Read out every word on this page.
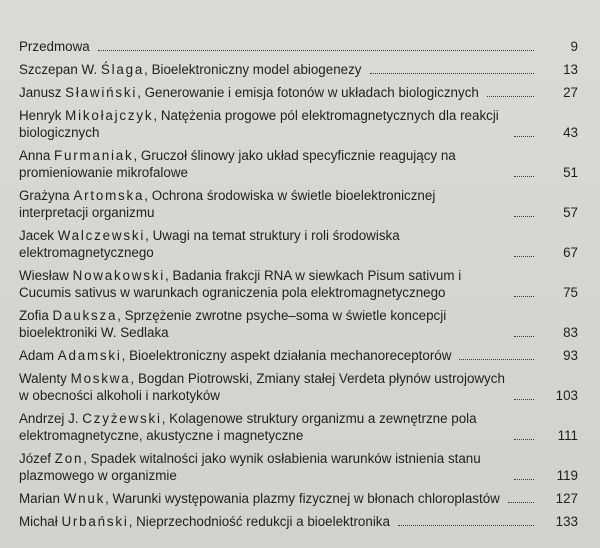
Przedmowa	9
Szczepan W. Ślaga, Bioelektroniczny model abiogenezy	13
Janusz Sławiński, Generowanie i emisja fotonów w układach biologicznych	27
Henryk Mikołajczyk, Natężenia progowe pól elektromagnetycznych dla reakcji biologicznych	43
Anna Furmaniak, Gruczoł ślinowy jako układ specyficznie reagujący na promieniowanie mikrofalowe	51
Grażyna Artomska, Ochrona środowiska w świetle bioelektronicznej interpretacji organizmu	57
Jacek Walczewski, Uwagi na temat struktury i roli środowiska elektromagnetycznego	67
Wiesław Nowakowski, Badania frakcji RNA w siewkach Pisum sativum i Cucumis sativus w warunkach ograniczenia pola elektromagnetycznego	75
Zofia Dauksza, Sprzężenie zwrotne psyche–soma w świetle koncepcji bioelektroniki W. Sedlaka	83
Adam Adamski, Bioelektroniczny aspekt działania mechanoreceptorów	93
Walenty Moskwa, Bogdan Piotrowski, Zmiany stałej Verdeta płynów ustrojowych w obecności alkoholi i narkotyków	103
Andrzej J. Czyżewski, Kolagenowe struktury organizmu a zewnętrzne pola elektromagnetyczne, akustyczne i magnetyczne	111
Józef Zon, Spadek witalności jako wynik osłabienia warunków istnienia stanu plazmowego w organizmie	119
Marian Wnuk, Warunki występowania plazmy fizycznej w błonach chloroplastów	127
Michał Urbański, Nieprzechodniość redukcji a bioelektronika	133
